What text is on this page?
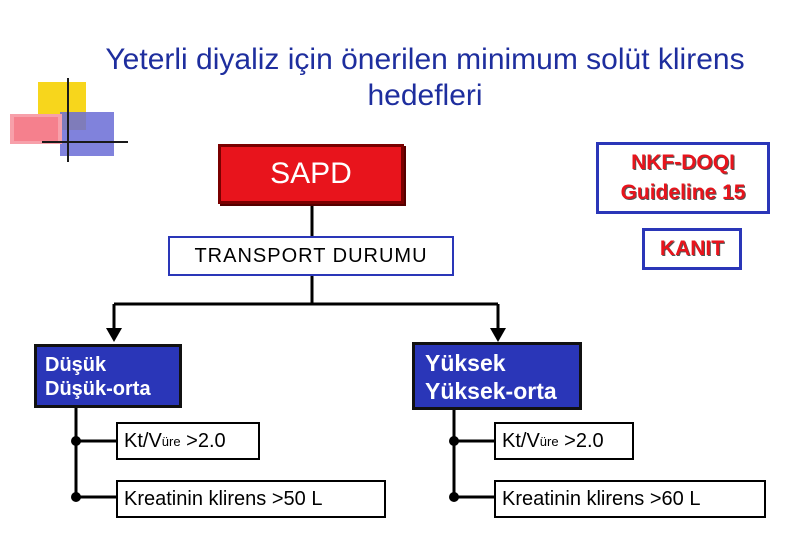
Yeterli diyaliz için önerilen minimum solüt klirens hedefleri
SAPD	NKF-DOQI
Guideline 15
KANIT
TRANSPORT DURUMU
Düşük
Düşük-orta
Yüksek
Yüksek-orta
Kt/V üre >2.0
Kreatinin klirens >50 L
Kt/V üre >2.0
Kreatinin klirens >60 L
